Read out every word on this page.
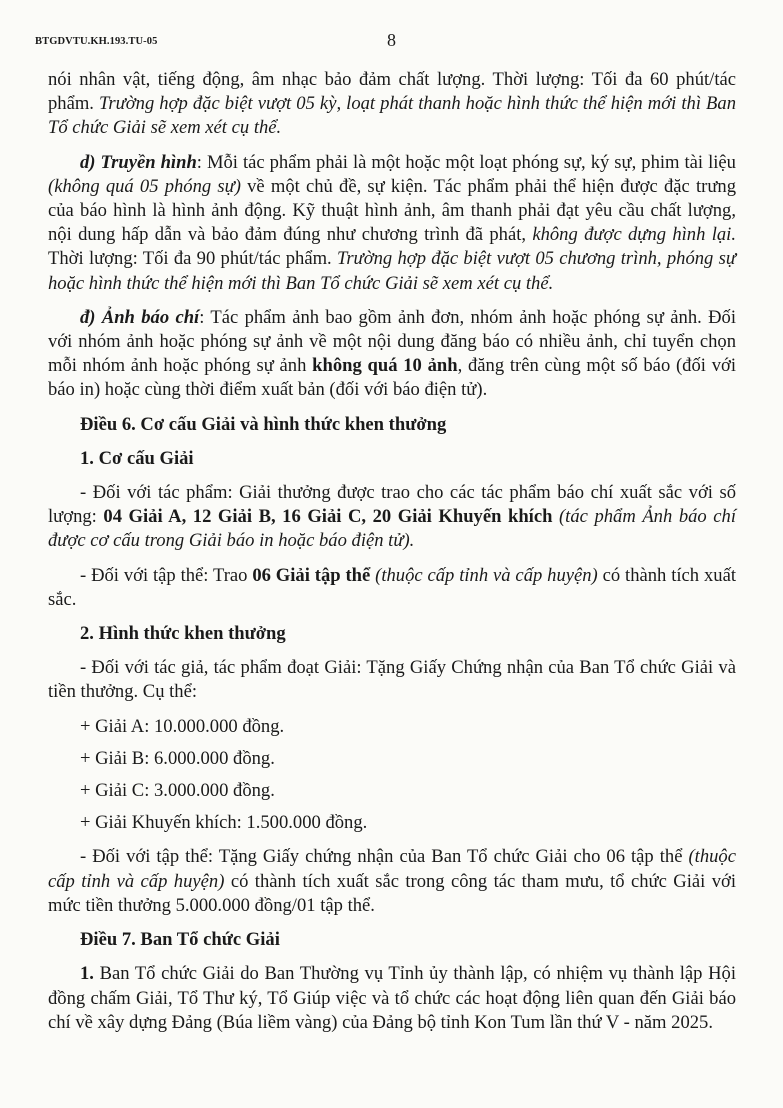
BTGDVTU.KH.193.TU-05	8

nói nhân vật, tiếng động, âm nhạc bảo đảm chất lượng. Thời lượng: Tối đa 60 phút/tác phẩm. Trường hợp đặc biệt vượt 05 kỳ, loạt phát thanh hoặc hình thức thể hiện mới thì Ban Tổ chức Giải sẽ xem xét cụ thể.

d) Truyền hình: Mỗi tác phẩm phải là một hoặc một loạt phóng sự, ký sự, phim tài liệu (không quá 05 phóng sự) về một chủ đề, sự kiện. Tác phẩm phải thể hiện được đặc trưng của báo hình là hình ảnh động. Kỹ thuật hình ảnh, âm thanh phải đạt yêu cầu chất lượng, nội dung hấp dẫn và bảo đảm đúng như chương trình đã phát, không được dựng hình lại. Thời lượng: Tối đa 90 phút/tác phẩm. Trường hợp đặc biệt vượt 05 chương trình, phóng sự hoặc hình thức thể hiện mới thì Ban Tổ chức Giải sẽ xem xét cụ thể.

đ) Ảnh báo chí: Tác phẩm ảnh bao gồm ảnh đơn, nhóm ảnh hoặc phóng sự ảnh. Đối với nhóm ảnh hoặc phóng sự ảnh về một nội dung đăng báo có nhiều ảnh, chỉ tuyển chọn mỗi nhóm ảnh hoặc phóng sự ảnh không quá 10 ảnh, đăng trên cùng một số báo (đối với báo in) hoặc cùng thời điểm xuất bản (đối với báo điện tử).

Điều 6. Cơ cấu Giải và hình thức khen thưởng

1. Cơ cấu Giải

- Đối với tác phẩm: Giải thưởng được trao cho các tác phẩm báo chí xuất sắc với số lượng: 04 Giải A, 12 Giải B, 16 Giải C, 20 Giải Khuyến khích (tác phẩm Ảnh báo chí được cơ cấu trong Giải báo in hoặc báo điện tử).

- Đối với tập thể: Trao 06 Giải tập thể (thuộc cấp tỉnh và cấp huyện) có thành tích xuất sắc.

2. Hình thức khen thưởng

- Đối với tác giả, tác phẩm đoạt Giải: Tặng Giấy Chứng nhận của Ban Tổ chức Giải và tiền thưởng. Cụ thể:

+ Giải A: 10.000.000 đồng.

+ Giải B: 6.000.000 đồng.

+ Giải C: 3.000.000 đồng.

+ Giải Khuyến khích: 1.500.000 đồng.

- Đối với tập thể: Tặng Giấy chứng nhận của Ban Tổ chức Giải cho 06 tập thể (thuộc cấp tỉnh và cấp huyện) có thành tích xuất sắc trong công tác tham mưu, tổ chức Giải với mức tiền thưởng 5.000.000 đồng/01 tập thể.

Điều 7. Ban Tổ chức Giải

1. Ban Tổ chức Giải do Ban Thường vụ Tỉnh ủy thành lập, có nhiệm vụ thành lập Hội đồng chấm Giải, Tổ Thư ký, Tổ Giúp việc và tổ chức các hoạt động liên quan đến Giải báo chí về xây dựng Đảng (Búa liềm vàng) của Đảng bộ tỉnh Kon Tum lần thứ V - năm 2025.
